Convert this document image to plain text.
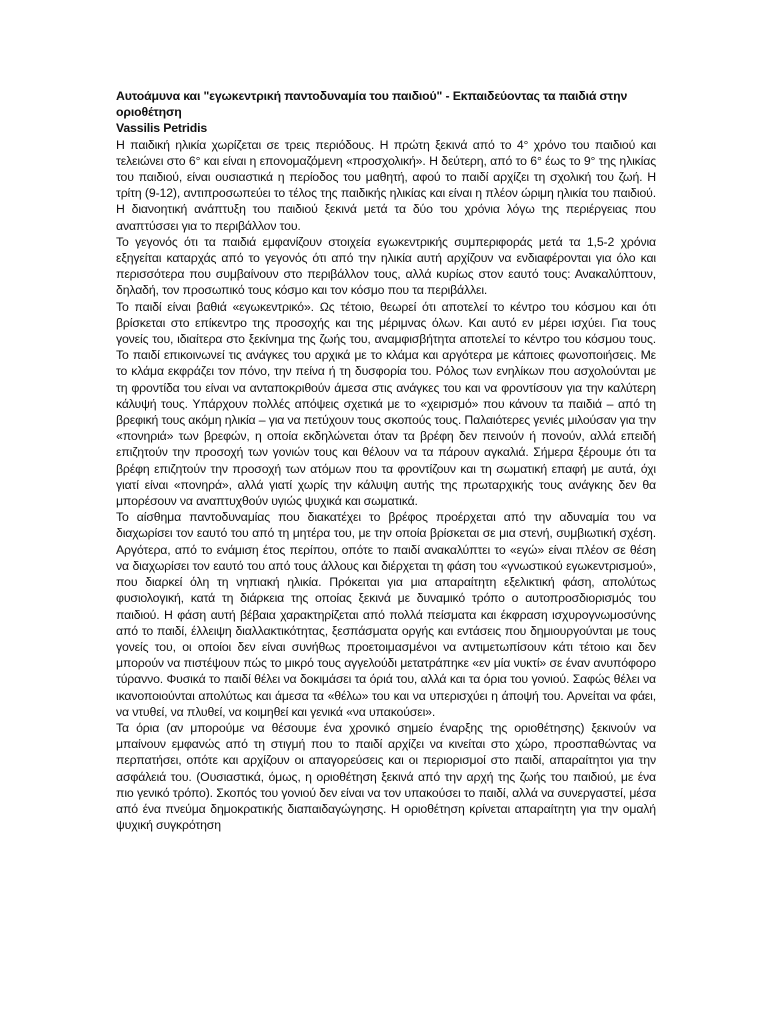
Αυτοάμυνα και "εγωκεντρική παντοδυναμία του παιδιού" - Εκπαιδεύοντας τα παιδιά στην οριοθέτηση

Vassilis Petridis

Η παιδική ηλικία χωρίζεται σε τρεις περιόδους. Η πρώτη ξεκινά από το 4° χρόνο του παιδιού και τελειώνει στο 6° και είναι η επονομαζόμενη «προσχολική». Η δεύτερη, από το 6° έως το 9° της ηλικίας του παιδιού, είναι ουσιαστικά η περίοδος του μαθητή, αφού το παιδί αρχίζει τη σχολική του ζωή. Η τρίτη (9-12), αντιπροσωπεύει το τέλος της παιδικής ηλικίας και είναι η πλέον ώριμη ηλικία του παιδιού. Η διανοητική ανάπτυξη του παιδιού ξεκινά μετά τα δύο του χρόνια λόγω της περιέργειας που αναπτύσσει για το περιβάλλον του.

Το γεγονός ότι τα παιδιά εμφανίζουν στοιχεία εγωκεντρικής συμπεριφοράς μετά τα 1,5-2 χρόνια εξηγείται καταρχάς από το γεγονός ότι από την ηλικία αυτή αρχίζουν να ενδιαφέρονται για όλο και περισσότερα που συμβαίνουν στο περιβάλλον τους, αλλά κυρίως στον εαυτό τους: Ανακαλύπτουν, δηλαδή, τον προσωπικό τους κόσμο και τον κόσμο που τα περιβάλλει.

Το παιδί είναι βαθιά «εγωκεντρικό». Ως τέτοιο, θεωρεί ότι αποτελεί το κέντρο του κόσμου και ότι βρίσκεται στο επίκεντρο της προσοχής και της μέριμνας όλων. Και αυτό εν μέρει ισχύει. Για τους γονείς του, ιδιαίτερα στο ξεκίνημα της ζωής του, αναμφισβήτητα αποτελεί το κέντρο του κόσμου τους. Το παιδί επικοινωνεί τις ανάγκες του αρχικά με το κλάμα και αργότερα με κάποιες φωνοποιήσεις. Με το κλάμα εκφράζει τον πόνο, την πείνα ή τη δυσφορία του. Ρόλος των ενηλίκων που ασχολούνται με τη φροντίδα του είναι να ανταποκριθούν άμεσα στις ανάγκες του και να φροντίσουν για την καλύτερη κάλυψή τους. Υπάρχουν πολλές απόψεις σχετικά με το «χειρισμό» που κάνουν τα παιδιά – από τη βρεφική τους ακόμη ηλικία – για να πετύχουν τους σκοπούς τους. Παλαιότερες γενιές μιλούσαν για την «πονηριά» των βρεφών, η οποία εκδηλώνεται όταν τα βρέφη δεν πεινούν ή πονούν, αλλά επειδή επιζητούν την προσοχή των γονιών τους και θέλουν να τα πάρουν αγκαλιά. Σήμερα ξέρουμε ότι τα βρέφη επιζητούν την προσοχή των ατόμων που τα φροντίζουν και τη σωματική επαφή με αυτά, όχι γιατί είναι «πονηρά», αλλά γιατί χωρίς την κάλυψη αυτής της πρωταρχικής τους ανάγκης δεν θα μπορέσουν να αναπτυχθούν υγιώς ψυχικά και σωματικά.

Το αίσθημα παντοδυναμίας που διακατέχει το βρέφος προέρχεται από την αδυναμία του να διαχωρίσει τον εαυτό του από τη μητέρα του, με την οποία βρίσκεται σε μια στενή, συμβιωτική σχέση. Αργότερα, από το ενάμιση έτος περίπου, οπότε το παιδί ανακαλύπτει το «εγώ» είναι πλέον σε θέση να διαχωρίσει τον εαυτό του από τους άλλους και διέρχεται τη φάση του «γνωστικού εγωκεντρισμού», που διαρκεί όλη τη νηπιακή ηλικία. Πρόκειται για μια απαραίτητη εξελικτική φάση, απολύτως φυσιολογική, κατά τη διάρκεια της οποίας ξεκινά με δυναμικό τρόπο ο αυτοπροσδιορισμός του παιδιού. Η φάση αυτή βέβαια χαρακτηρίζεται από πολλά πείσματα και έκφραση ισχυρογνωμοσύνης από το παιδί, έλλειψη διαλλακτικότητας, ξεσπάσματα οργής και εντάσεις που δημιουργούνται με τους γονείς του, οι οποίοι δεν είναι συνήθως προετοιμασμένοι να αντιμετωπίσουν κάτι τέτοιο και δεν μπορούν να πιστέψουν πώς το μικρό τους αγγελούδι μετατράπηκε «εν μία νυκτί» σε έναν ανυπόφορο τύραννο. Φυσικά το παιδί θέλει να δοκιμάσει τα όριά του, αλλά και τα όρια του γονιού. Σαφώς θέλει να ικανοποιούνται απολύτως και άμεσα τα «θέλω» του και να υπερισχύει η άποψή του. Αρνείται να φάει, να ντυθεί, να πλυθεί, να κοιμηθεί και γενικά «να υπακούσει».

Τα όρια (αν μπορούμε να θέσουμε ένα χρονικό σημείο έναρξης της οριοθέτησης) ξεκινούν να μπαίνουν εμφανώς από τη στιγμή που το παιδί αρχίζει να κινείται στο χώρο, προσπαθώντας να περπατήσει, οπότε και αρχίζουν οι απαγορεύσεις και οι περιορισμοί στο παιδί, απαραίτητοι για την ασφάλειά του. (Ουσιαστικά, όμως, η οριοθέτηση ξεκινά από την αρχή της ζωής του παιδιού, με ένα πιο γενικό τρόπο). Σκοπός του γονιού δεν είναι να τον υπακούσει το παιδί, αλλά να συνεργαστεί, μέσα από ένα πνεύμα δημοκρατικής διαπαιδαγώγησης. Η οριοθέτηση κρίνεται απαραίτητη για την ομαλή ψυχική συγκρότηση
